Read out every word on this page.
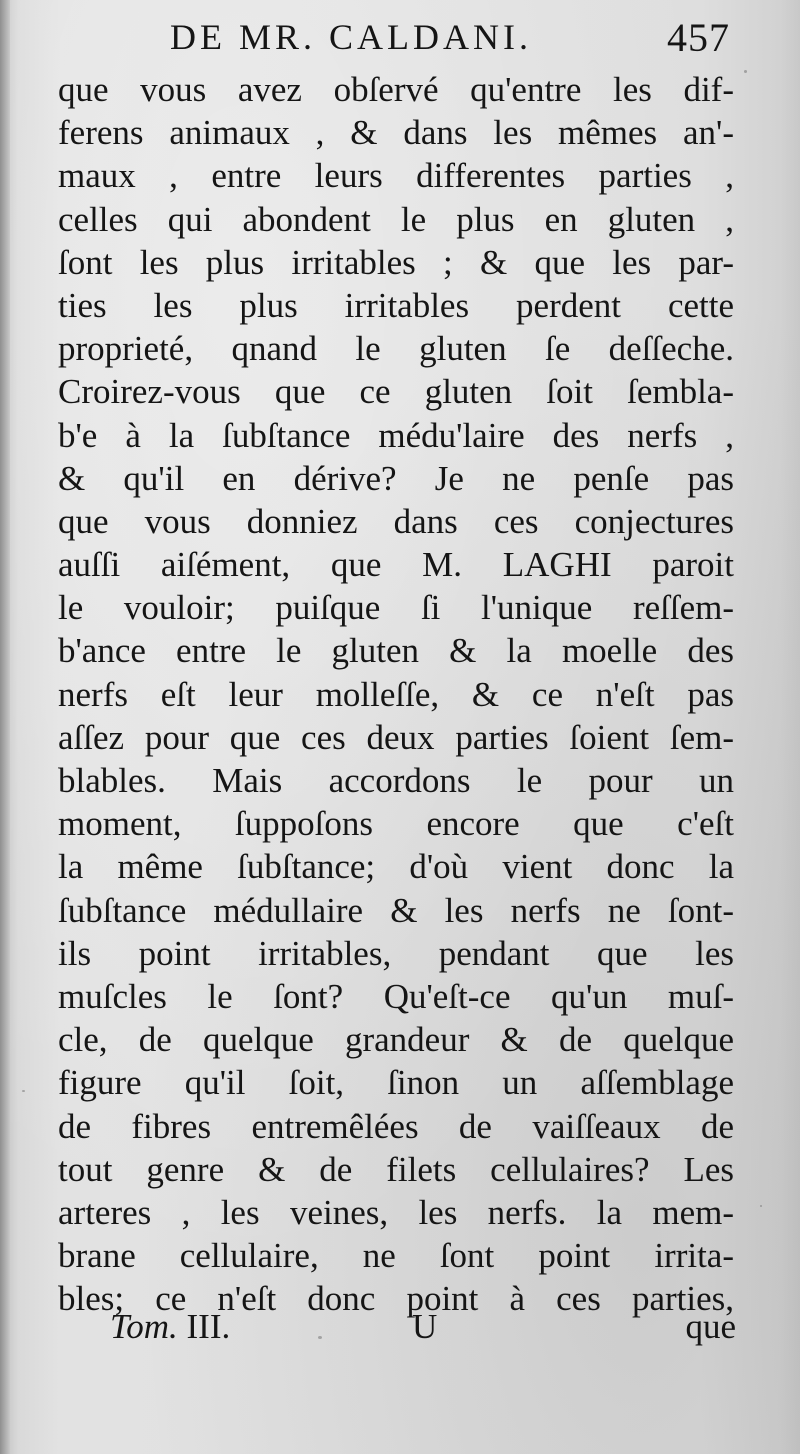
DE MR. CALDANI.	457
que vous avez obſervé qu'entre les dif-
ferens animaux , & dans les mêmes an'-
maux , entre leurs differentes parties ,
celles qui abondent le plus en gluten ,
ſont les plus irritables ; & que les par-
ties les plus irritables perdent cette
proprieté, qnand le gluten ſe deſſeche.
Croirez-vous que ce gluten ſoit ſembla-
b'e à la ſubſtance médu'laire des nerfs ,
& qu'il en dérive? Je ne penſe pas
que vous donniez dans ces conjectures
auſſi aiſément, que M. LAGHI paroit
le vouloir; puiſque ſi l'unique reſſem-
b'ance entre le gluten & la moelle des
nerfs eſt leur molleſſe, & ce n'eſt pas
aſſez pour que ces deux parties ſoient ſem-
blables. Mais accordons le pour un
moment, ſuppoſons encore que c'eſt
la même ſubſtance; d'où vient donc la
ſubſtance médullaire & les nerfs ne ſont-
ils point irritables, pendant que les
muſcles le ſont? Qu'eſt-ce qu'un muſ-
cle, de quelque grandeur & de quelque
figure qu'il ſoit, ſinon un aſſemblage
de fibres entremêlées de vaiſſeaux de
tout genre & de filets cellulaires? Les
arteres , les veines, les nerfs. la mem-
brane cellulaire, ne ſont point irrita-
bles; ce n'eſt donc point à ces parties,
Tom. III.	U	que
